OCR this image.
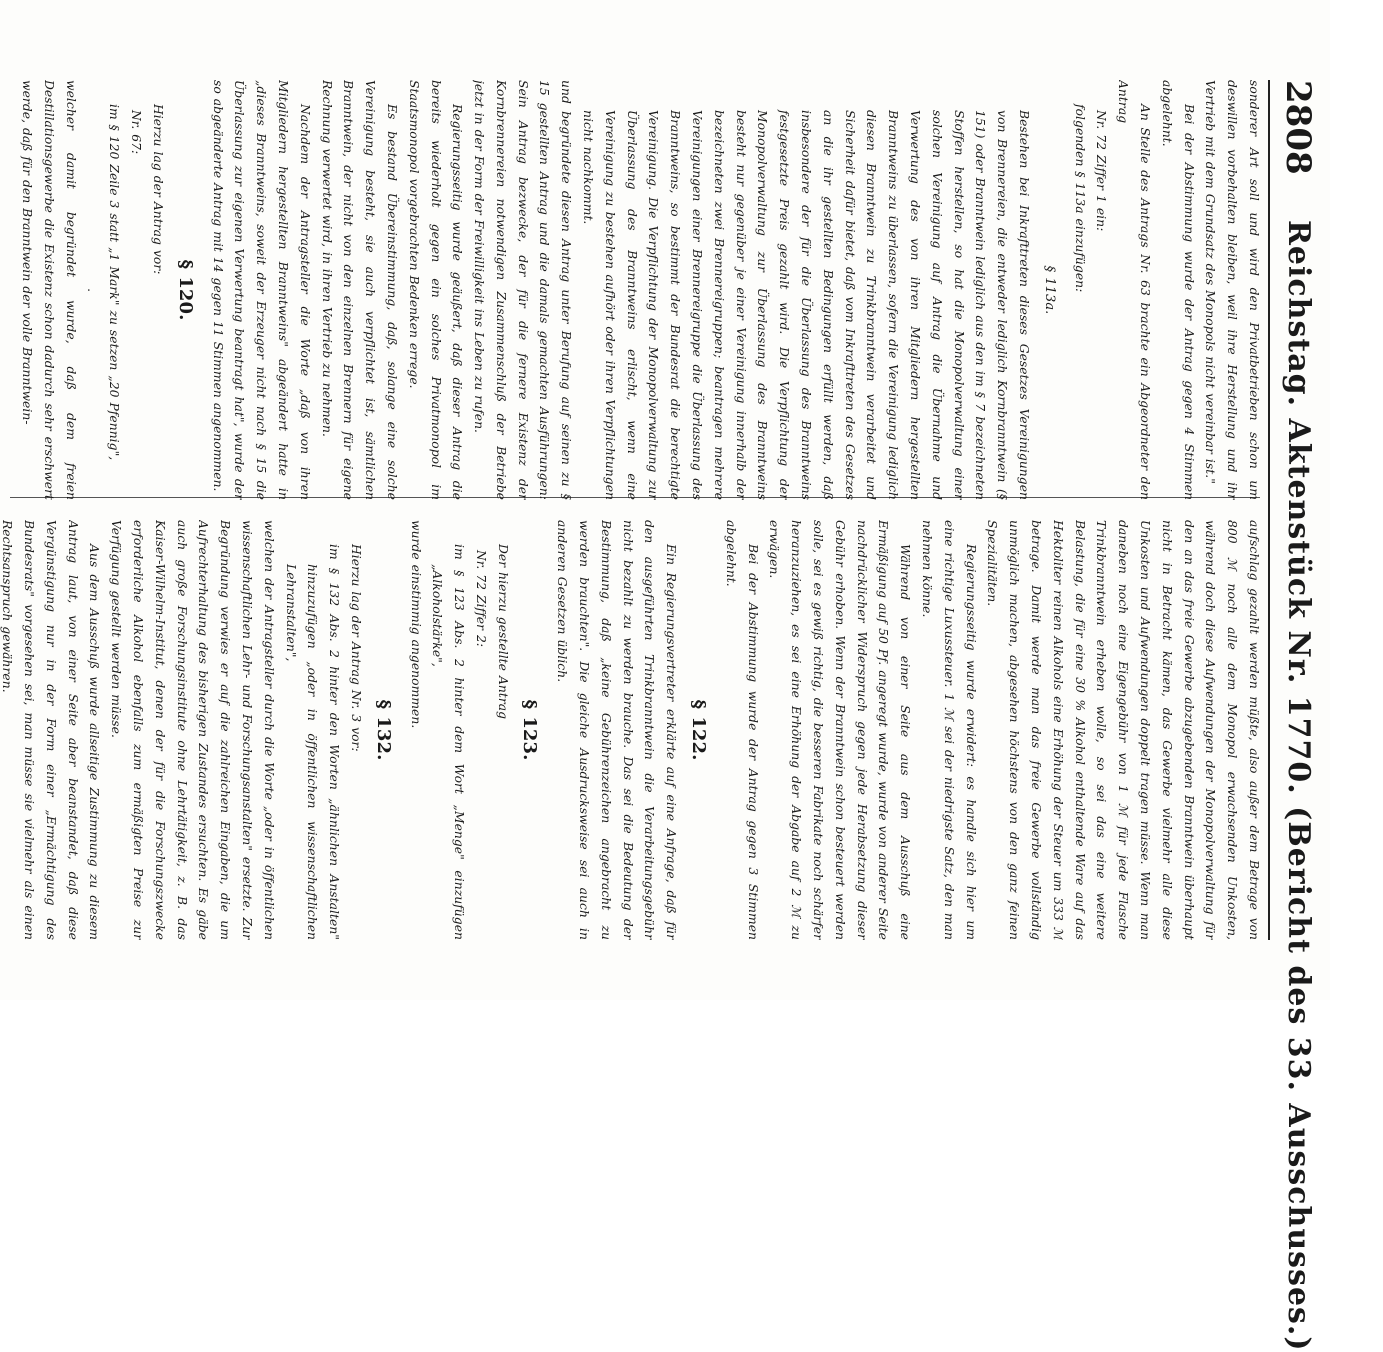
2808
Reichstag. Aktenstück Nr. 1770. (Bericht des 33. Ausschusses.)

sonderer Art soll und wird den Privatbetrieben schon um deswillen vorbehalten bleiben, weil ihre Herstellung und ihr Vertrieb mit dem Grundsatz des Monopols nicht vereinbar ist."

Bei der Abstimmung wurde der Antrag gegen 4 Stimmen abgelehnt.

An Stelle des Antrags Nr. 63 brachte ein Abgeordneter den Antrag

Nr. 72 Ziffer 1 ein:

folgenden § 113a einzufügen:

§ 113a.

Bestehen bei Inkrafttreten dieses Gesetzes Vereinigungen von Brennereien, die entweder lediglich Kornbranntwein (§ 151) oder Branntwein lediglich aus den im § 7 bezeichneten Stoffen herstellen, so hat die Monopolverwaltung einer solchen Vereinigung auf Antrag die Übernahme und Verwertung des von ihren Mitgliedern hergestellten Branntweins zu überlassen, sofern die Vereinigung lediglich diesen Branntwein zu Trinkbranntwein verarbeitet und Sicherheit dafür bietet, daß vom Inkrafttreten des Gesetzes an die ihr gestellten Bedingungen erfüllt werden, daß insbesondere der für die Überlassung des Branntweins festgesetzte Preis gezahlt wird. Die Verpflichtung der Monopolverwaltung zur Überlassung des Branntweins besteht nur gegenüber je einer Vereinigung innerhalb der bezeichneten zwei Brennereigruppen; beantragen mehrere Vereinigungen einer Brennereigruppe die Überlassung des Branntweins, so bestimmt der Bundesrat die berechtigte Vereinigung. Die Verpflichtung der Monopolverwaltung zur Überlassung des Branntweins erlischt, wenn eine Vereinigung zu bestehen aufhört oder ihren Verpflichtungen nicht nachkommt.

und begründete diesen Antrag unter Berufung auf seinen zu § 15 gestellten Antrag und die damals gemachten Ausführungen: Sein Antrag bezwecke, der für die fernere Existenz der Kornbrennereien notwendigen Zusammenschluß der Betriebe jetzt in der Form der Freiwilligkeit ins Leben zu rufen.

Regierungsseitig wurde geäußert, daß dieser Antrag die bereits wiederholt gegen ein solches Privatmonopol im Staatsmonopol vorgebrachten Bedenken errege.

Es bestand Übereinstimmung, daß, solange eine solche Vereinigung besteht, sie auch verpflichtet ist, sämtlichen Branntwein, der nicht von den einzelnen Brennern für eigene Rechnung verwertet wird, in ihren Vertrieb zu nehmen.

Nachdem der Antragsteller die Worte „daß von ihren Mitgliedern hergestellten Branntweins" abgeändert hatte in „dieses Branntweins, soweit der Erzeuger nicht nach § 15 die Überlassung zur eigenen Verwertung beantragt hat", wurde der so abgeänderte Antrag mit 14 gegen 11 Stimmen angenommen.

§ 120.

Hierzu lag der Antrag vor:

Nr. 67:

im § 120 Zeile 3 statt „1 Mark" zu setzen „20 Pfennig",

.

welcher damit begründet wurde, daß dem freien Destillationsgewerbe die Existenz schon dadurch sehr erschwert werde, daß für den Branntwein der volle Branntwein-

aufschlag gezahlt werden müßte, also außer dem Betrage von 800 ℳ noch alle dem Monopol erwachsenden Unkosten, während doch diese Aufwendungen der Monopolverwaltung für den an das freie Gewerbe abzugebenden Branntwein überhaupt nicht in Betracht kämen, das Gewerbe vielmehr alle diese Unkosten und Aufwendungen doppelt tragen müsse. Wenn man daneben noch eine Eigengebühr von 1 ℳ für jede Flasche Trinkbranntwein erheben wolle, so sei das eine weitere Belastung, die für eine 30 % Alkohol enthaltende Ware auf das Hektoliter reinen Alkohols eine Erhöhung der Steuer um 333 ℳ betrage. Damit werde man das freie Gewerbe vollständig unmöglich machen, abgesehen höchstens von den ganz feinen Spezialitäten.

Regierungsseitig wurde erwidert: es handle sich hier um eine richtige Luxussteuer. 1 ℳ sei der niedrigste Satz, den man nehmen könne.

Während von einer Seite aus dem Ausschuß eine Ermäßigung auf 50 Pf. angeregt wurde, wurde von anderer Seite nachdrücklicher Widerspruch gegen jede Herabsetzung dieser Gebühr erhoben. Wenn der Branntwein schon besteuert werden solle, sei es gewiß richtig, die besseren Fabrikate noch schärfer heranzuziehen, es sei eine Erhöhung der Abgabe auf 2 ℳ zu erwägen.

Bei der Abstimmung wurde der Antrag gegen 3 Stimmen abgelehnt.

§ 122.

Ein Regierungsvertreter erklärte auf eine Anfrage, daß für den ausgeführten Trinkbranntwein die Verarbeitungsgebühr nicht bezahlt zu werden brauche. Das sei die Bedeutung der Bestimmung, daß „keine Gebührenzeichen angebracht zu werden brauchten". Die gleiche Ausdrucksweise sei auch in anderen Gesetzen üblich.

§ 123.

Der hierzu gestellte Antrag

Nr. 72 Ziffer 2:

im § 123 Abs. 2 hinter dem Wort „Menge" einzufügen „Alkoholstärke",

wurde einstimmig angenommen.

§ 132.

Hierzu lag der Antrag Nr. 3 vor:

im § 132 Abs. 2 hinter den Worten „ähnlichen Anstalten" hinzuzufügen „oder in öffentlichen wissenschaftlichen Lehranstalten",

welchen der Antragsteller durch die Worte „oder in öffentlichen wissenschaftlichen Lehr- und Forschungsanstalten" ersetzte. Zur Begründung verwies er auf die zahlreichen Eingaben, die um Aufrechterhaltung des bisherigen Zustandes ersuchten. Es gäbe auch große Forschungsinstitute ohne Lehrtätigkeit, z. B. das Kaiser-Wilhelm-Institut, denen der für die Forschungszwecke erforderliche Alkohol ebenfalls zum ermäßigten Preise zur Verfügung gestellt werden müsse.

Aus dem Ausschuß wurde allseitige Zustimmung zu diesem Antrag laut, von einer Seite aber beanstandet, daß diese Vergünstigung nur in der Form einer „Ermächtigung des Bundesrats" vorgesehen sei, man müsse sie vielmehr als einen Rechtsanspruch gewähren.
